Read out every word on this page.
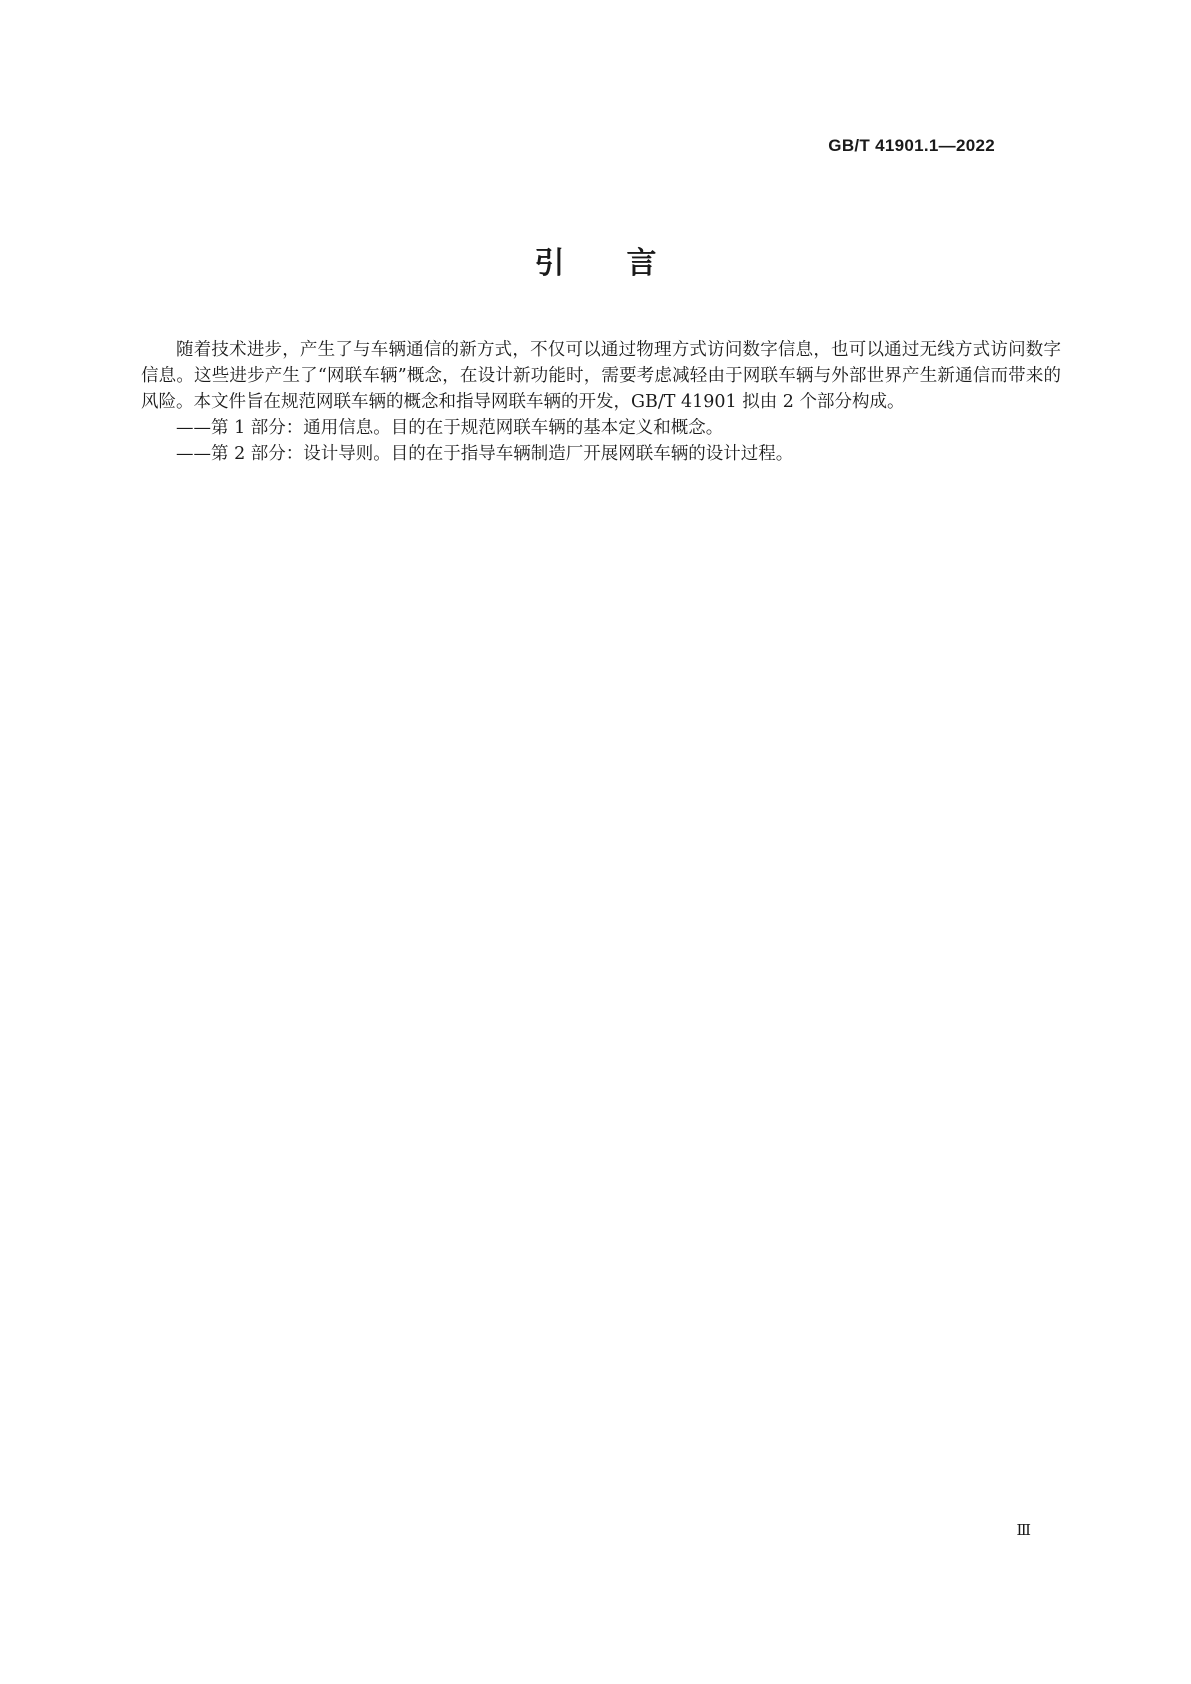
GB/T 41901.1—2022
引言

随着技术进步，产生了与车辆通信的新方式，不仅可以通过物理方式访问数字信息，也可以通过无线方式访问数字信息。这些进步产生了“网联车辆”概念，在设计新功能时，需要考虑减轻由于网联车辆与外部世界产生新通信而带来的风险。本文件旨在规范网联车辆的概念和指导网联车辆的开发，GB/T 41901 拟由 2 个部分构成。

——第 1 部分：通用信息。目的在于规范网联车辆的基本定义和概念。

——第 2 部分：设计导则。目的在于指导车辆制造厂开展网联车辆的设计过程。

Ⅲ
